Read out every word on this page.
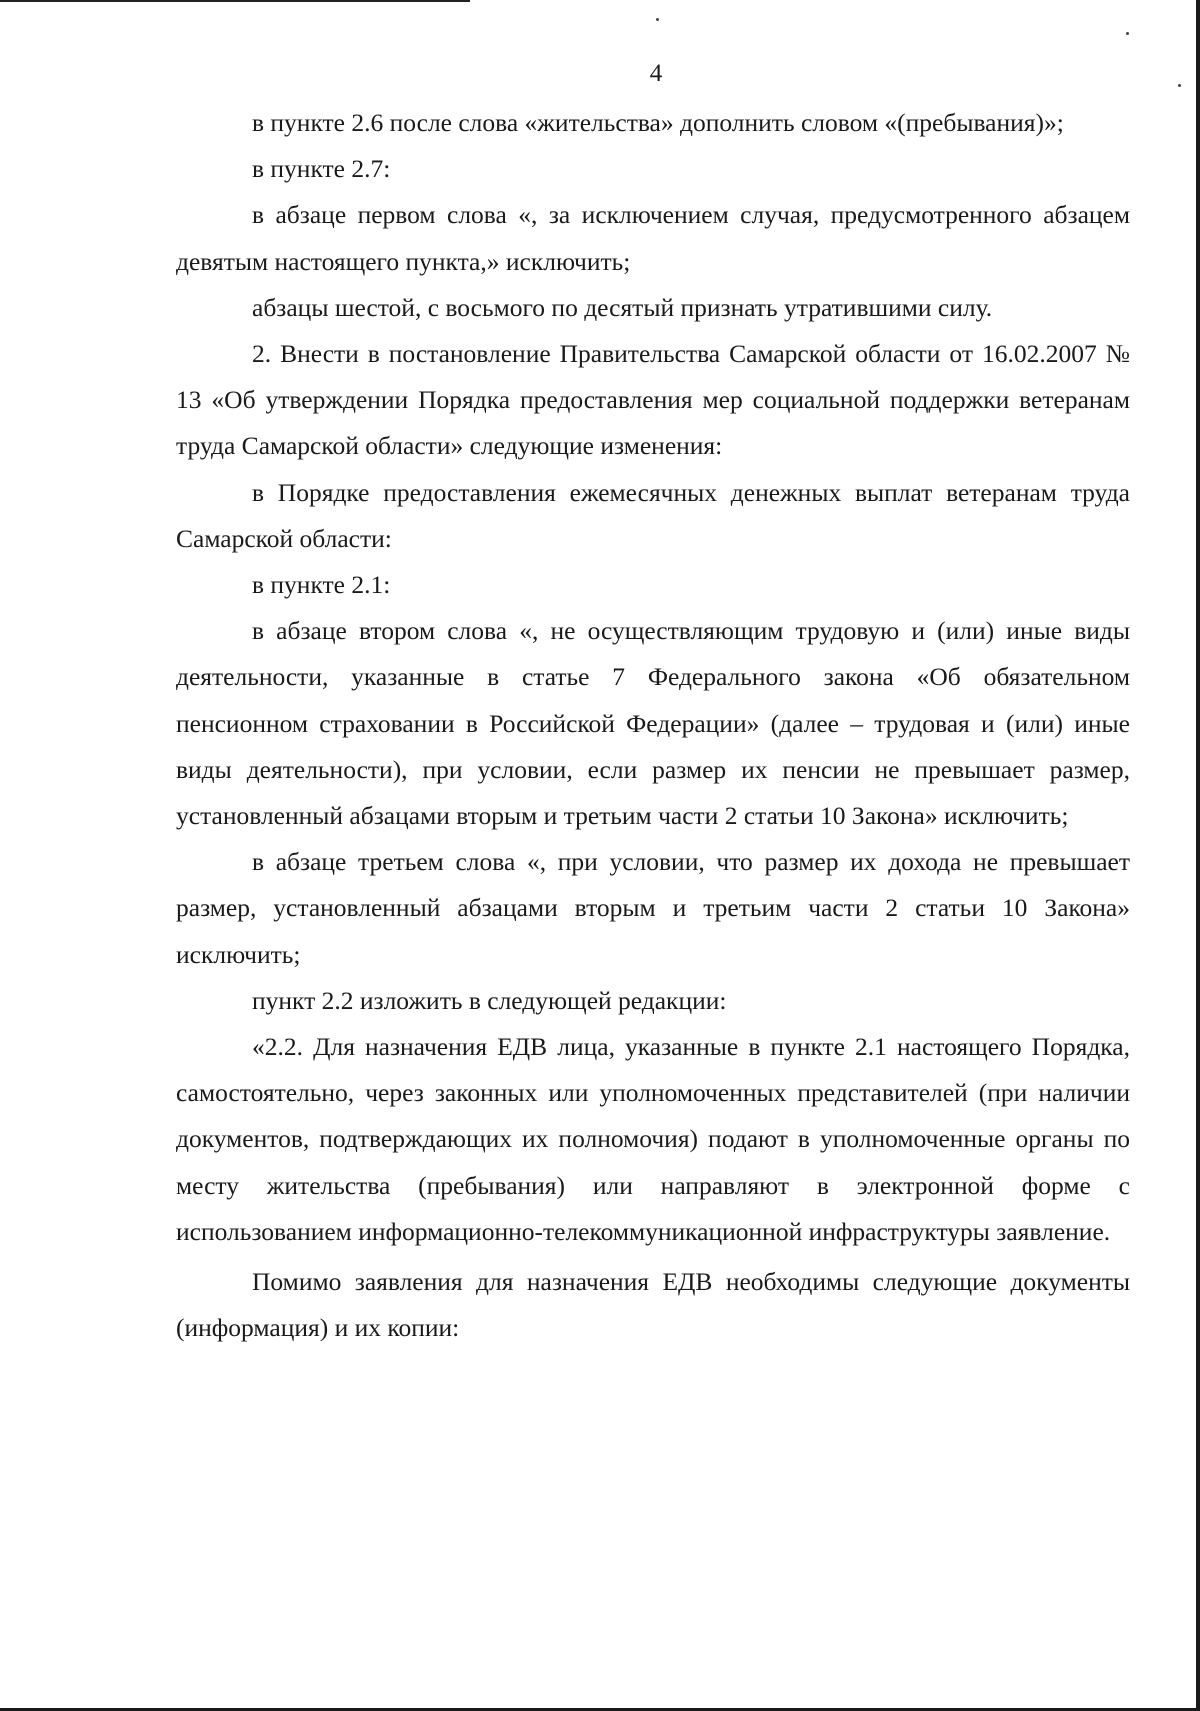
4

в пункте 2.6 после слова «жительства» дополнить словом «(пребывания)»;

в пункте 2.7:

в абзаце первом слова «, за исключением случая, предусмотренного абзацем девятым настоящего пункта,» исключить;

абзацы шестой, с восьмого по десятый признать утратившими силу.

2. Внести в постановление Правительства Самарской области от 16.02.2007 № 13 «Об утверждении Порядка предоставления мер социальной поддержки ветеранам труда Самарской области» следующие изменения:

в Порядке предоставления ежемесячных денежных выплат ветеранам труда Самарской области:

в пункте 2.1:

в абзаце втором слова «, не осуществляющим трудовую и (или) иные виды деятельности, указанные в статье 7 Федерального закона «Об обязательном пенсионном страховании в Российской Федерации» (далее – трудовая и (или) иные виды деятельности), при условии, если размер их пенсии не превышает размер, установленный абзацами вторым и третьим части 2 статьи 10 Закона» исключить;

в абзаце третьем слова «, при условии, что размер их дохода не превышает размер, установленный абзацами вторым и третьим части 2 статьи 10 Закона» исключить;

пункт 2.2 изложить в следующей редакции:

«2.2. Для назначения ЕДВ лица, указанные в пункте 2.1 настоящего Порядка, самостоятельно, через законных или уполномоченных представителей (при наличии документов, подтверждающих их полномочия) подают в уполномоченные органы по месту жительства (пребывания) или направляют в электронной форме с использованием информационно-телекоммуникационной инфраструктуры заявление.

Помимо заявления для назначения ЕДВ необходимы следующие документы (информация) и их копии:
